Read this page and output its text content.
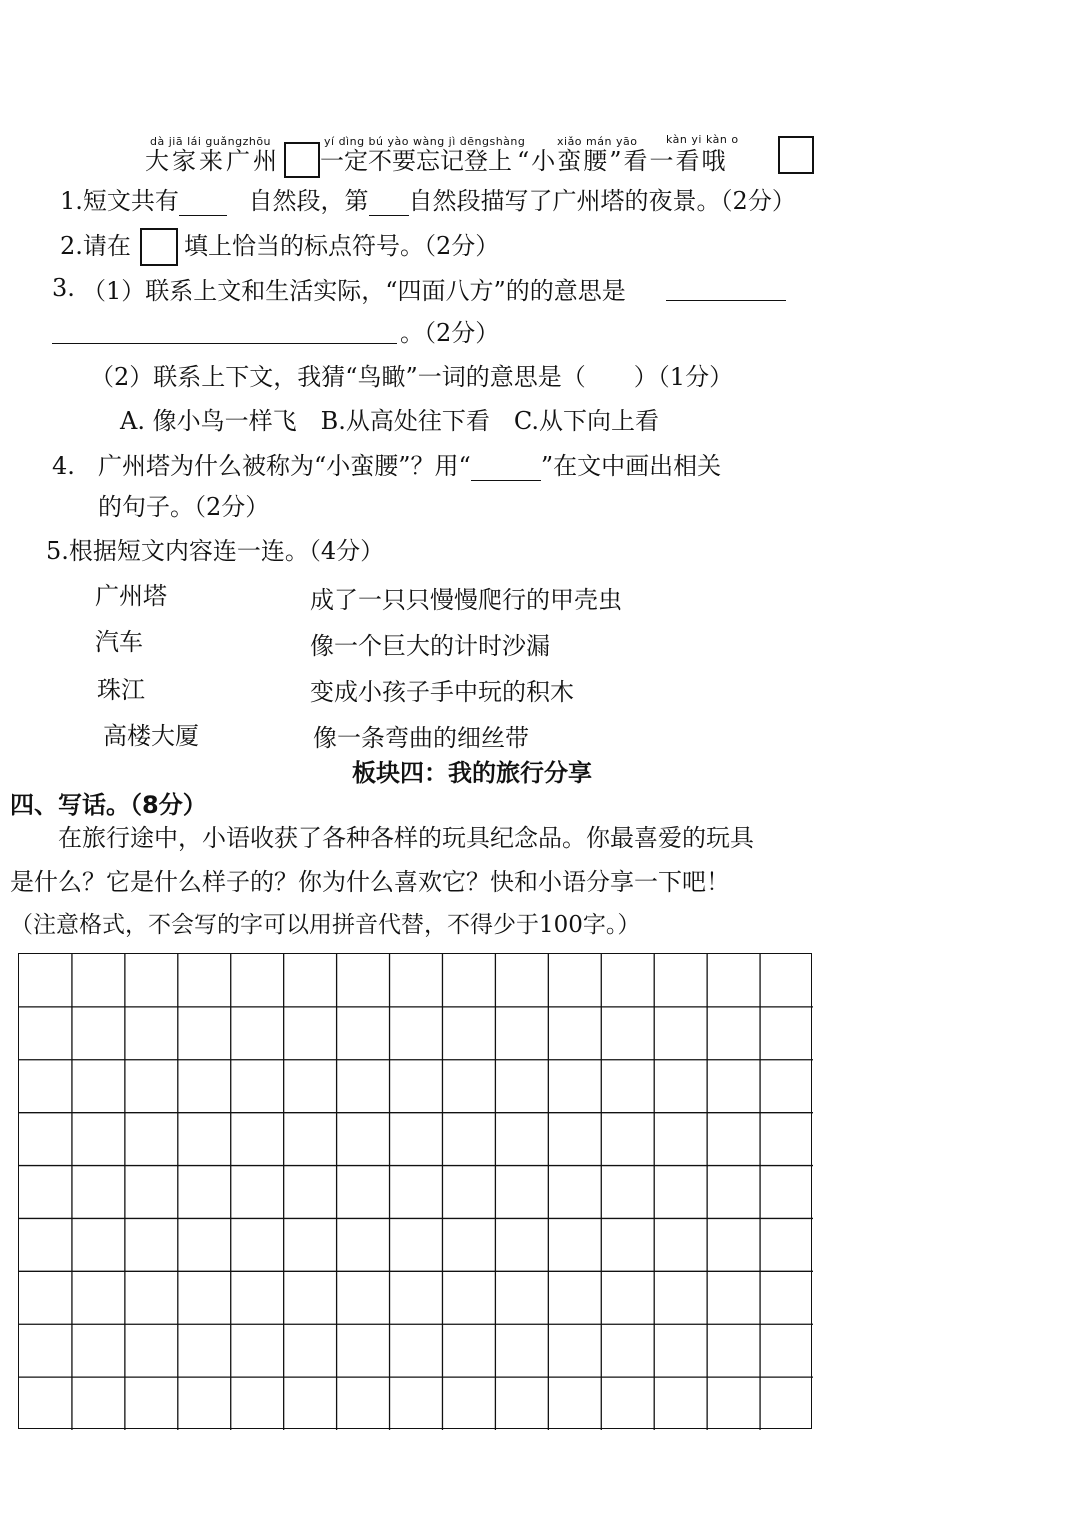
dà jiā lái guǎngzhōu	yí dìng bú yào wàng jì dēngshàng	xiǎo mán yāo	kàn yi kàn o
大家来广州 一定不要忘记登上 “小蛮腰”看一看哦
1.短文共有	自然段，第 自然段描写了广州塔的夜景。（2分）
2.请在 填上恰当的标点符号。（2分）
3. （1）联系上文和生活实际，“四面八方”的的意思是
。（2分）
（2）联系上下文，我猜“鸟瞰”一词的意思是（　　）（1分）
A. 像小鸟一样飞　B.从高处往下看　C.从下向上看
4. 广州塔为什么被称为“小蛮腰”？用“	”在文中画出相关
的句子。（2分）
5.根据短文内容连一连。（4分）
广州塔
汽车
珠江
高楼大厦
成了一只只慢慢爬行的甲壳虫
像一个巨大的计时沙漏
变成小孩子手中玩的积木
像一条弯曲的细丝带
板块四：我的旅行分享
四、写话。（8分）
在旅行途中，小语收获了各种各样的玩具纪念品。你最喜爱的玩具
是什么？它是什么样子的？你为什么喜欢它？快和小语分享一下吧！
（注意格式，不会写的字可以用拼音代替，不得少于100字。）
